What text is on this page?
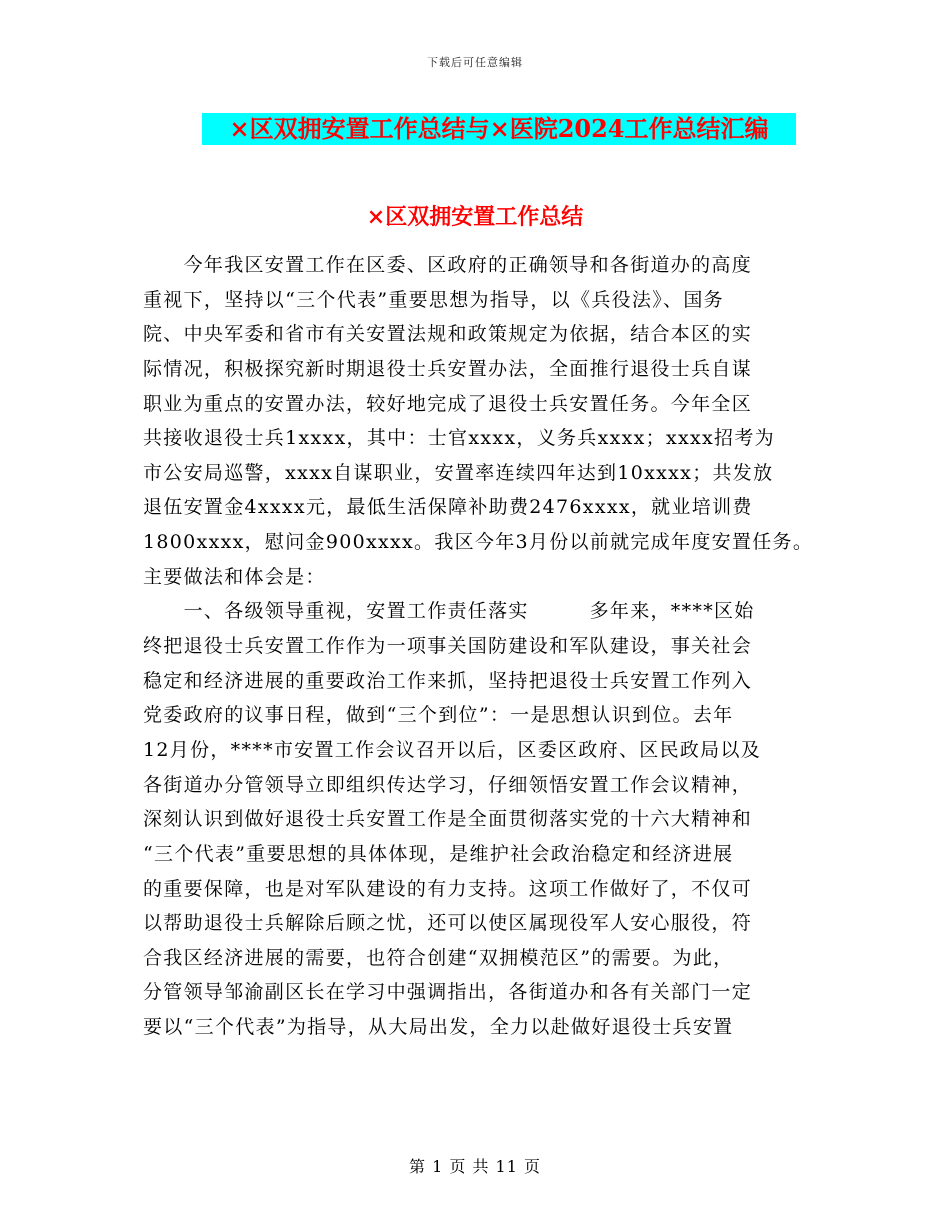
下载后可任意编辑
×区双拥安置工作总结与×医院2024工作总结汇编
×区双拥安置工作总结
　　今年我区安置工作在区委、区政府的正确领导和各街道办的高度
重视下，坚持以“三个代表”重要思想为指导，以《兵役法》、国务
院、中央军委和省市有关安置法规和政策规定为依据，结合本区的实
际情况，积极探究新时期退役士兵安置办法，全面推行退役士兵自谋
职业为重点的安置办法，较好地完成了退役士兵安置任务。今年全区
共接收退役士兵1xxxx，其中：士官xxxx，义务兵xxxx；xxxx招考为
市公安局巡警，xxxx自谋职业，安置率连续四年达到10xxxx；共发放
退伍安置金4xxxx元，最低生活保障补助费2476xxxx，就业培训费
1800xxxx，慰问金900xxxx。我区今年3月份以前就完成年度安置任务。
主要做法和体会是：
　　一、各级领导重视，安置工作责任落实　　　多年来，****区始
终把退役士兵安置工作作为一项事关国防建设和军队建设，事关社会
稳定和经济进展的重要政治工作来抓，坚持把退役士兵安置工作列入
党委政府的议事日程，做到“三个到位”：一是思想认识到位。去年
12月份，****市安置工作会议召开以后，区委区政府、区民政局以及
各街道办分管领导立即组织传达学习，仔细领悟安置工作会议精神，
深刻认识到做好退役士兵安置工作是全面贯彻落实党的十六大精神和
“三个代表”重要思想的具体体现，是维护社会政治稳定和经济进展
的重要保障，也是对军队建设的有力支持。这项工作做好了，不仅可
以帮助退役士兵解除后顾之忧，还可以使区属现役军人安心服役，符
合我区经济进展的需要，也符合创建“双拥模范区”的需要。为此，
分管领导邹渝副区长在学习中强调指出，各街道办和各有关部门一定
要以“三个代表”为指导，从大局出发，全力以赴做好退役士兵安置
第 1 页 共 11 页
